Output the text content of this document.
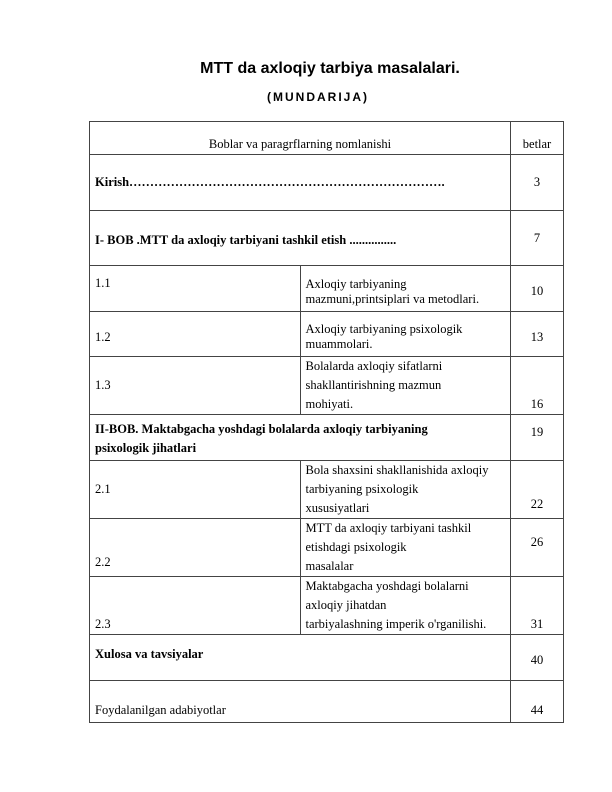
MTT da axloqiy tarbiya masalalari.
(MUNDARIJA)
Boblar va paragrflarning nomlanishi		betlar
Kirish………………………………………………………………….		3
I- BOB .MTT da axloqiy tarbiyani tashkil etish ...............		7
1.1	Axloqiy tarbiyaning mazmuni,printsiplari va metodlari.	10
1.2	Axloqiy tarbiyaning psixologik muammolari.	13
1.3	Bolalarda axloqiy sifatlarni shakllantirishning mazmun
mohiyati.	16

II-BOB. Maktabgacha yoshdagi bolalarda axloqiy tarbiyaning
psixologik jihatlari		19
2.1	Bola shaxsini shakllanishida axloqiy tarbiyaning psixologik
xususiyatlari	22
2.2	MTT da axloqiy tarbiyani tashkil etishdagi psixologik
masalalar	26
2.3	Maktabgacha yoshdagi bolalarni axloqiy jihatdan
tarbiyalashning imperik o'rganilishi.	31
Xulosa va tavsiyalar		40
Foydalanilgan adabiyotlar		44
